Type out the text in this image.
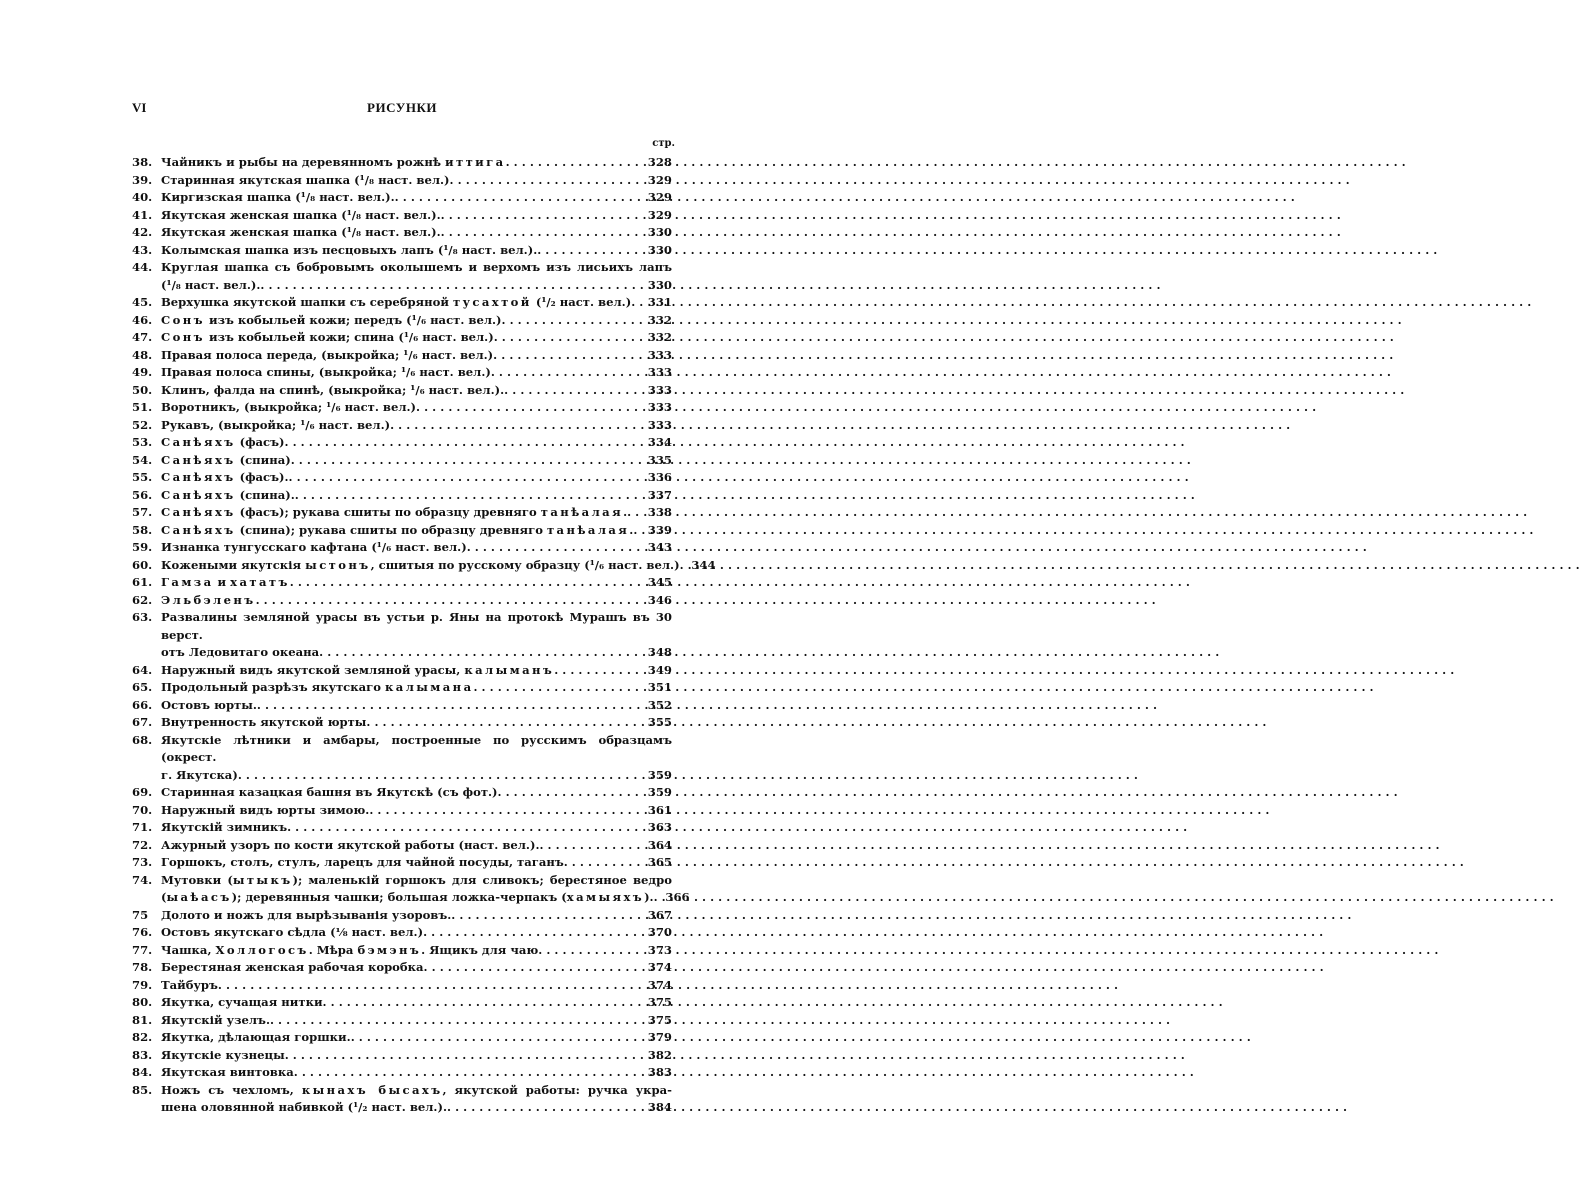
VI	РИСУНКИ
стр.
38. Чайникъ и рыбы на деревянномъ рожнѣ иттига . . .	328
39. Старинная якутская шапка (¹/₈ наст. вел.) . . .	329
40. Киргизская шапка (¹/₈ наст. вел.). . . .	329
41. Якутская женская шапка (¹/₈ наст. вел.). . . .	329
42. Якутская женская шапка (¹/₈ наст. вел.). . . .	330
43. Колымская шапка изъ песцовыхъ лапъ (¹/₈ наст. вел.). . . .	330
44. Круглая шапка съ бобровымъ околышемъ и верхомъ изъ лисьихъ лапъ
(¹/₈ наст. вел.). . . .	330
45. Верхушка якутской шапки съ серебряной тусахтой (¹/₂ наст. вел.) . . .	331
46. Сонъ изъ кобыльей кожи; передъ (¹/₆ наст. вел.) . . .	332
47. Сонъ изъ кобыльей кожи; спина (¹/₆ наст. вел.) . . .	332
48. Правая полоса переда, (выкройка; ¹/₆ наст. вел.) . . .	333
49. Правая полоса спины, (выкройка; ¹/₆ наст. вел.) . . .	333
50. Клинъ, фалда на спинѣ, (выкройка; ¹/₆ наст. вел.). . . .	333
51. Воротникъ, (выкройка; ¹/₆ наст. вел.) . . .	333
52. Рукавъ, (выкройка; ¹/₆ наст. вел.) . . .	333
53. Санѣяхъ (фасъ) . . .	334
54. Санѣяхъ (спина) . . .	335
55. Санѣяхъ (фасъ). . . .	336
56. Санѣяхъ (спина). . . .	337
57. Санѣяхъ (фасъ); рукава сшиты по образцу древняго танѣалая. . . .	338
58. Санѣяхъ (спина); рукава сшиты по образцу древняго танѣалая. . . .	339
59. Изнанка тунгусскаго кафтана (¹/₆ наст. вел.) . . .	343
60. Кожеными якутскія ыстонъ, сшитыя по русскому образцу (¹/₆ наст. вел.) . . .	344
61. Гамза и хататъ . . .	345
62. Эльбэленъ . . .	346
63. Развалины земляной урасы въ устьи р. Яны на протокѣ Мурашъ въ 30 верст.
отъ Ледовитаго океана . . .	348
64. Наружный видъ якутской земляной урасы, калыманъ . . .	349
65. Продольный разрѣзъ якутскаго калымана . . .	351
66. Остовъ юрты. . . .	352
67. Внутренность якутской юрты . . .	355
68. Якутскіе лѣтники и амбары, построенные по русскимъ образцамъ (окрест.
г. Якутска) . . .	359
69. Старинная казацкая башня въ Якутскѣ (съ фот.) . . .	359
70. Наружный видъ юрты зимою. . . .	361
71. Якутскій зимникъ . . .	363
72. Ажурный узоръ по кости якутской работы (наст. вел.). . . .	364
73. Горшокъ, столъ, стулъ, ларецъ для чайной посуды, таганъ . . .	365
74. Мутовки (ытыкъ); маленькій горшокъ для сливокъ; берестяное ведро
(ыаѣасъ); деревянныя чашки; большая ложка-черпакъ (хамыяхъ). . . .	366
75	Долото и ножъ для вырѣзыванія узоровъ. . . .	367
76. Остовъ якутскаго сѣдла (⅛ наст. вел.) . . .	370
77. Чашка, Холлогосъ. Мѣра бэмэнъ. Ящикъ для чаю . . .	373
78. Берестяная женская рабочая коробка . . .	374
79. Тайбуръ . . .	374
80. Якутка, сучащая нитки . . .	375
81. Якутскій узелъ. . . .	375
82. Якутка, дѣлающая горшки. . . .	379
83. Якутскіе кузнецы . . .	382
84. Якутская винтовка . . .	383
85. Ножъ съ чехломъ, кынахъ бысахъ, якутской работы: ручка укра-
шена оловянной набивкой (¹/₂ наст. вел.). . . .	384
